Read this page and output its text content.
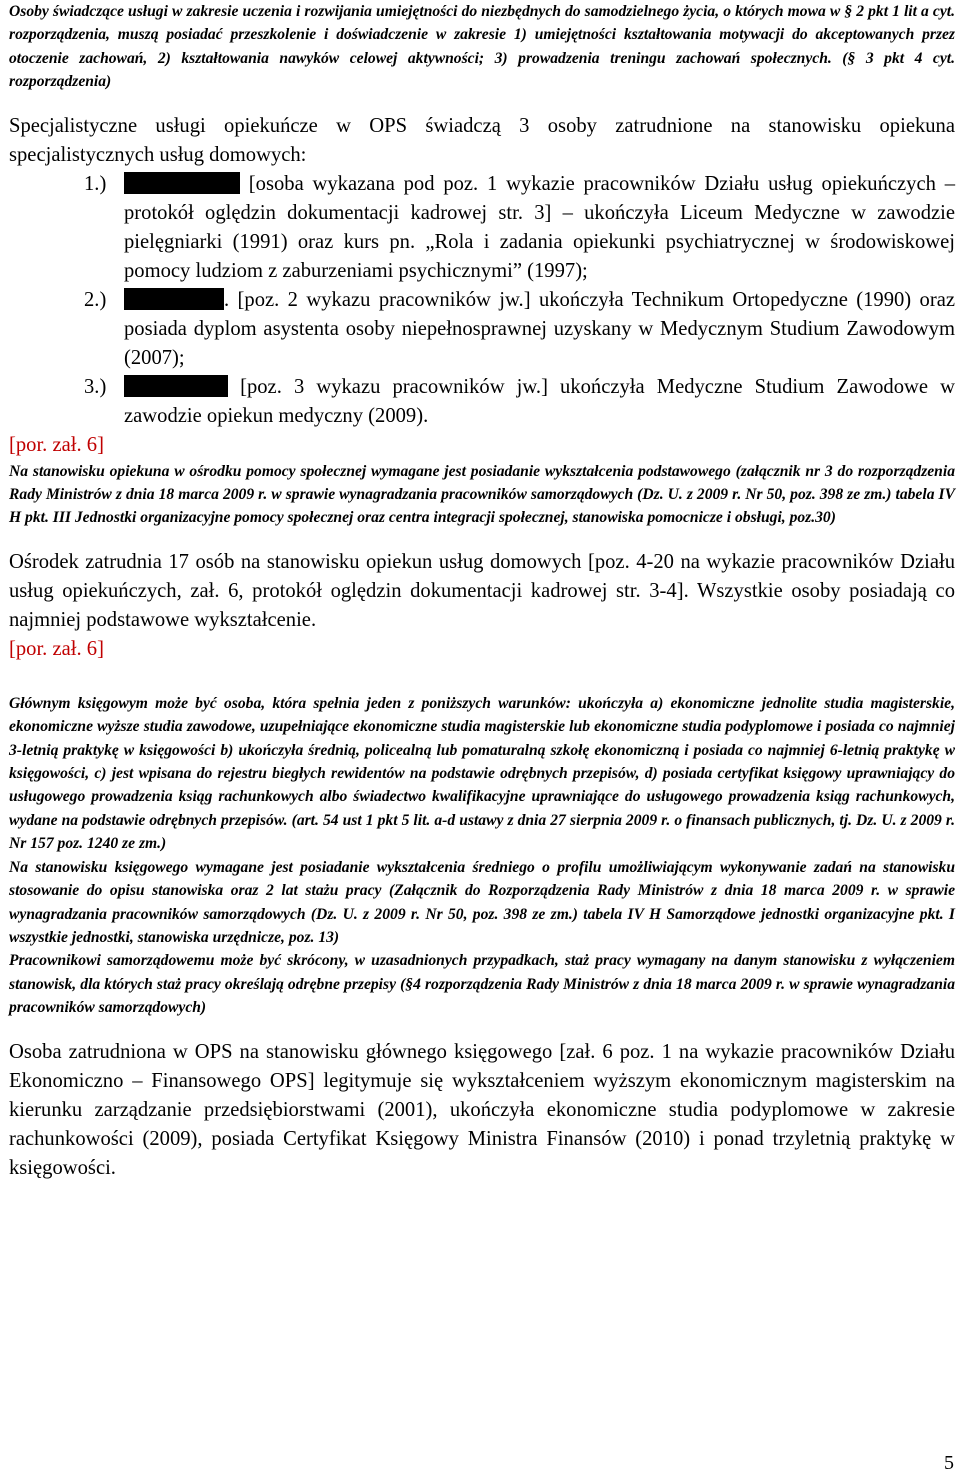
Osoby świadczące usługi w zakresie uczenia i rozwijania umiejętności do niezbędnych do samodzielnego życia, o których mowa w § 2 pkt 1 lit a cyt. rozporządzenia, muszą posiadać przeszkolenie i doświadczenie w zakresie 1) umiejętności kształtowania motywacji do akceptowanych przez otoczenie zachowań, 2) kształtowania nawyków celowej aktywności; 3) prowadzenia treningu zachowań społecznych. (§ 3 pkt 4 cyt. rozporządzenia)

Specjalistyczne usługi opiekuńcze w OPS świadczą 3 osoby zatrudnione na stanowisku opiekuna specjalistycznych usług domowych:

1.)	[osoba wykazana pod poz. 1 wykazie pracowników Działu usług opiekuńczych – protokół oględzin dokumentacji kadrowej str. 3] – ukończyła Liceum Medyczne w zawodzie pielęgniarki (1991) oraz kurs pn. „Rola i zadania opiekunki psychiatrycznej w środowiskowej pomocy ludziom z zaburzeniami psychicznymi” (1997);
2.)	. [poz. 2 wykazu pracowników jw.] ukończyła Technikum Ortopedyczne (1990) oraz posiada dyplom asystenta osoby niepełnosprawnej uzyskany w Medycznym Studium Zawodowym (2007);
3.)	[poz. 3 wykazu pracowników jw.] ukończyła Medyczne Studium Zawodowe w zawodzie opiekun medyczny (2009).

[por. zał. 6]

Na stanowisku opiekuna w ośrodku pomocy społecznej wymagane jest posiadanie wykształcenia podstawowego (załącznik nr 3 do rozporządzenia Rady Ministrów z dnia 18 marca 2009 r. w sprawie wynagradzania pracowników samorządowych (Dz. U. z 2009 r. Nr 50, poz. 398 ze zm.) tabela IV H pkt. III Jednostki organizacyjne pomocy społecznej oraz centra integracji społecznej, stanowiska pomocnicze i obsługi, poz.30)

Ośrodek zatrudnia 17 osób na stanowisku opiekun usług domowych [poz. 4-20 na wykazie pracowników Działu usług opiekuńczych, zał. 6, protokół oględzin dokumentacji kadrowej str. 3-4]. Wszystkie osoby posiadają co najmniej podstawowe wykształcenie.

[por. zał. 6]

Głównym księgowym może być osoba, która spełnia jeden z poniższych warunków: ukończyła a) ekonomiczne jednolite studia magisterskie, ekonomiczne wyższe studia zawodowe, uzupełniające ekonomiczne studia magisterskie lub ekonomiczne studia podyplomowe i posiada co najmniej 3-letnią praktykę w księgowości b) ukończyła średnią, policealną lub pomaturalną szkołę ekonomiczną i posiada co najmniej 6-letnią praktykę w księgowości, c) jest wpisana do rejestru biegłych rewidentów na podstawie odrębnych przepisów, d) posiada certyfikat księgowy uprawniający do usługowego prowadzenia ksiąg rachunkowych albo świadectwo kwalifikacyjne uprawniające do usługowego prowadzenia ksiąg rachunkowych, wydane na podstawie odrębnych przepisów. (art. 54 ust 1 pkt 5 lit. a-d ustawy z dnia 27 sierpnia 2009 r. o finansach publicznych, tj. Dz. U. z 2009 r. Nr 157 poz. 1240 ze zm.)

Na stanowisku księgowego wymagane jest posiadanie wykształcenia średniego o profilu umożliwiającym wykonywanie zadań na stanowisku stosowanie do opisu stanowiska oraz 2 lat stażu pracy (Załącznik do Rozporządzenia Rady Ministrów z dnia 18 marca 2009 r. w sprawie wynagradzania pracowników samorządowych (Dz. U. z 2009 r. Nr 50, poz. 398 ze zm.) tabela IV H Samorządowe jednostki organizacyjne pkt. I wszystkie jednostki, stanowiska urzędnicze, poz. 13)

Pracownikowi samorządowemu może być skrócony, w uzasadnionych przypadkach, staż pracy wymagany na danym stanowisku z wyłączeniem stanowisk, dla których staż pracy określają odrębne przepisy (§4 rozporządzenia Rady Ministrów z dnia 18 marca 2009 r. w sprawie wynagradzania pracowników samorządowych)

Osoba zatrudniona w OPS na stanowisku głównego księgowego [zał. 6 poz. 1 na wykazie pracowników Działu Ekonomiczno – Finansowego OPS] legitymuje się wykształceniem wyższym ekonomicznym magisterskim na kierunku zarządzanie przedsiębiorstwami (2001), ukończyła ekonomiczne studia podyplomowe w zakresie rachunkowości (2009), posiada Certyfikat Księgowy Ministra Finansów (2010) i ponad trzyletnią praktykę w księgowości.

5
